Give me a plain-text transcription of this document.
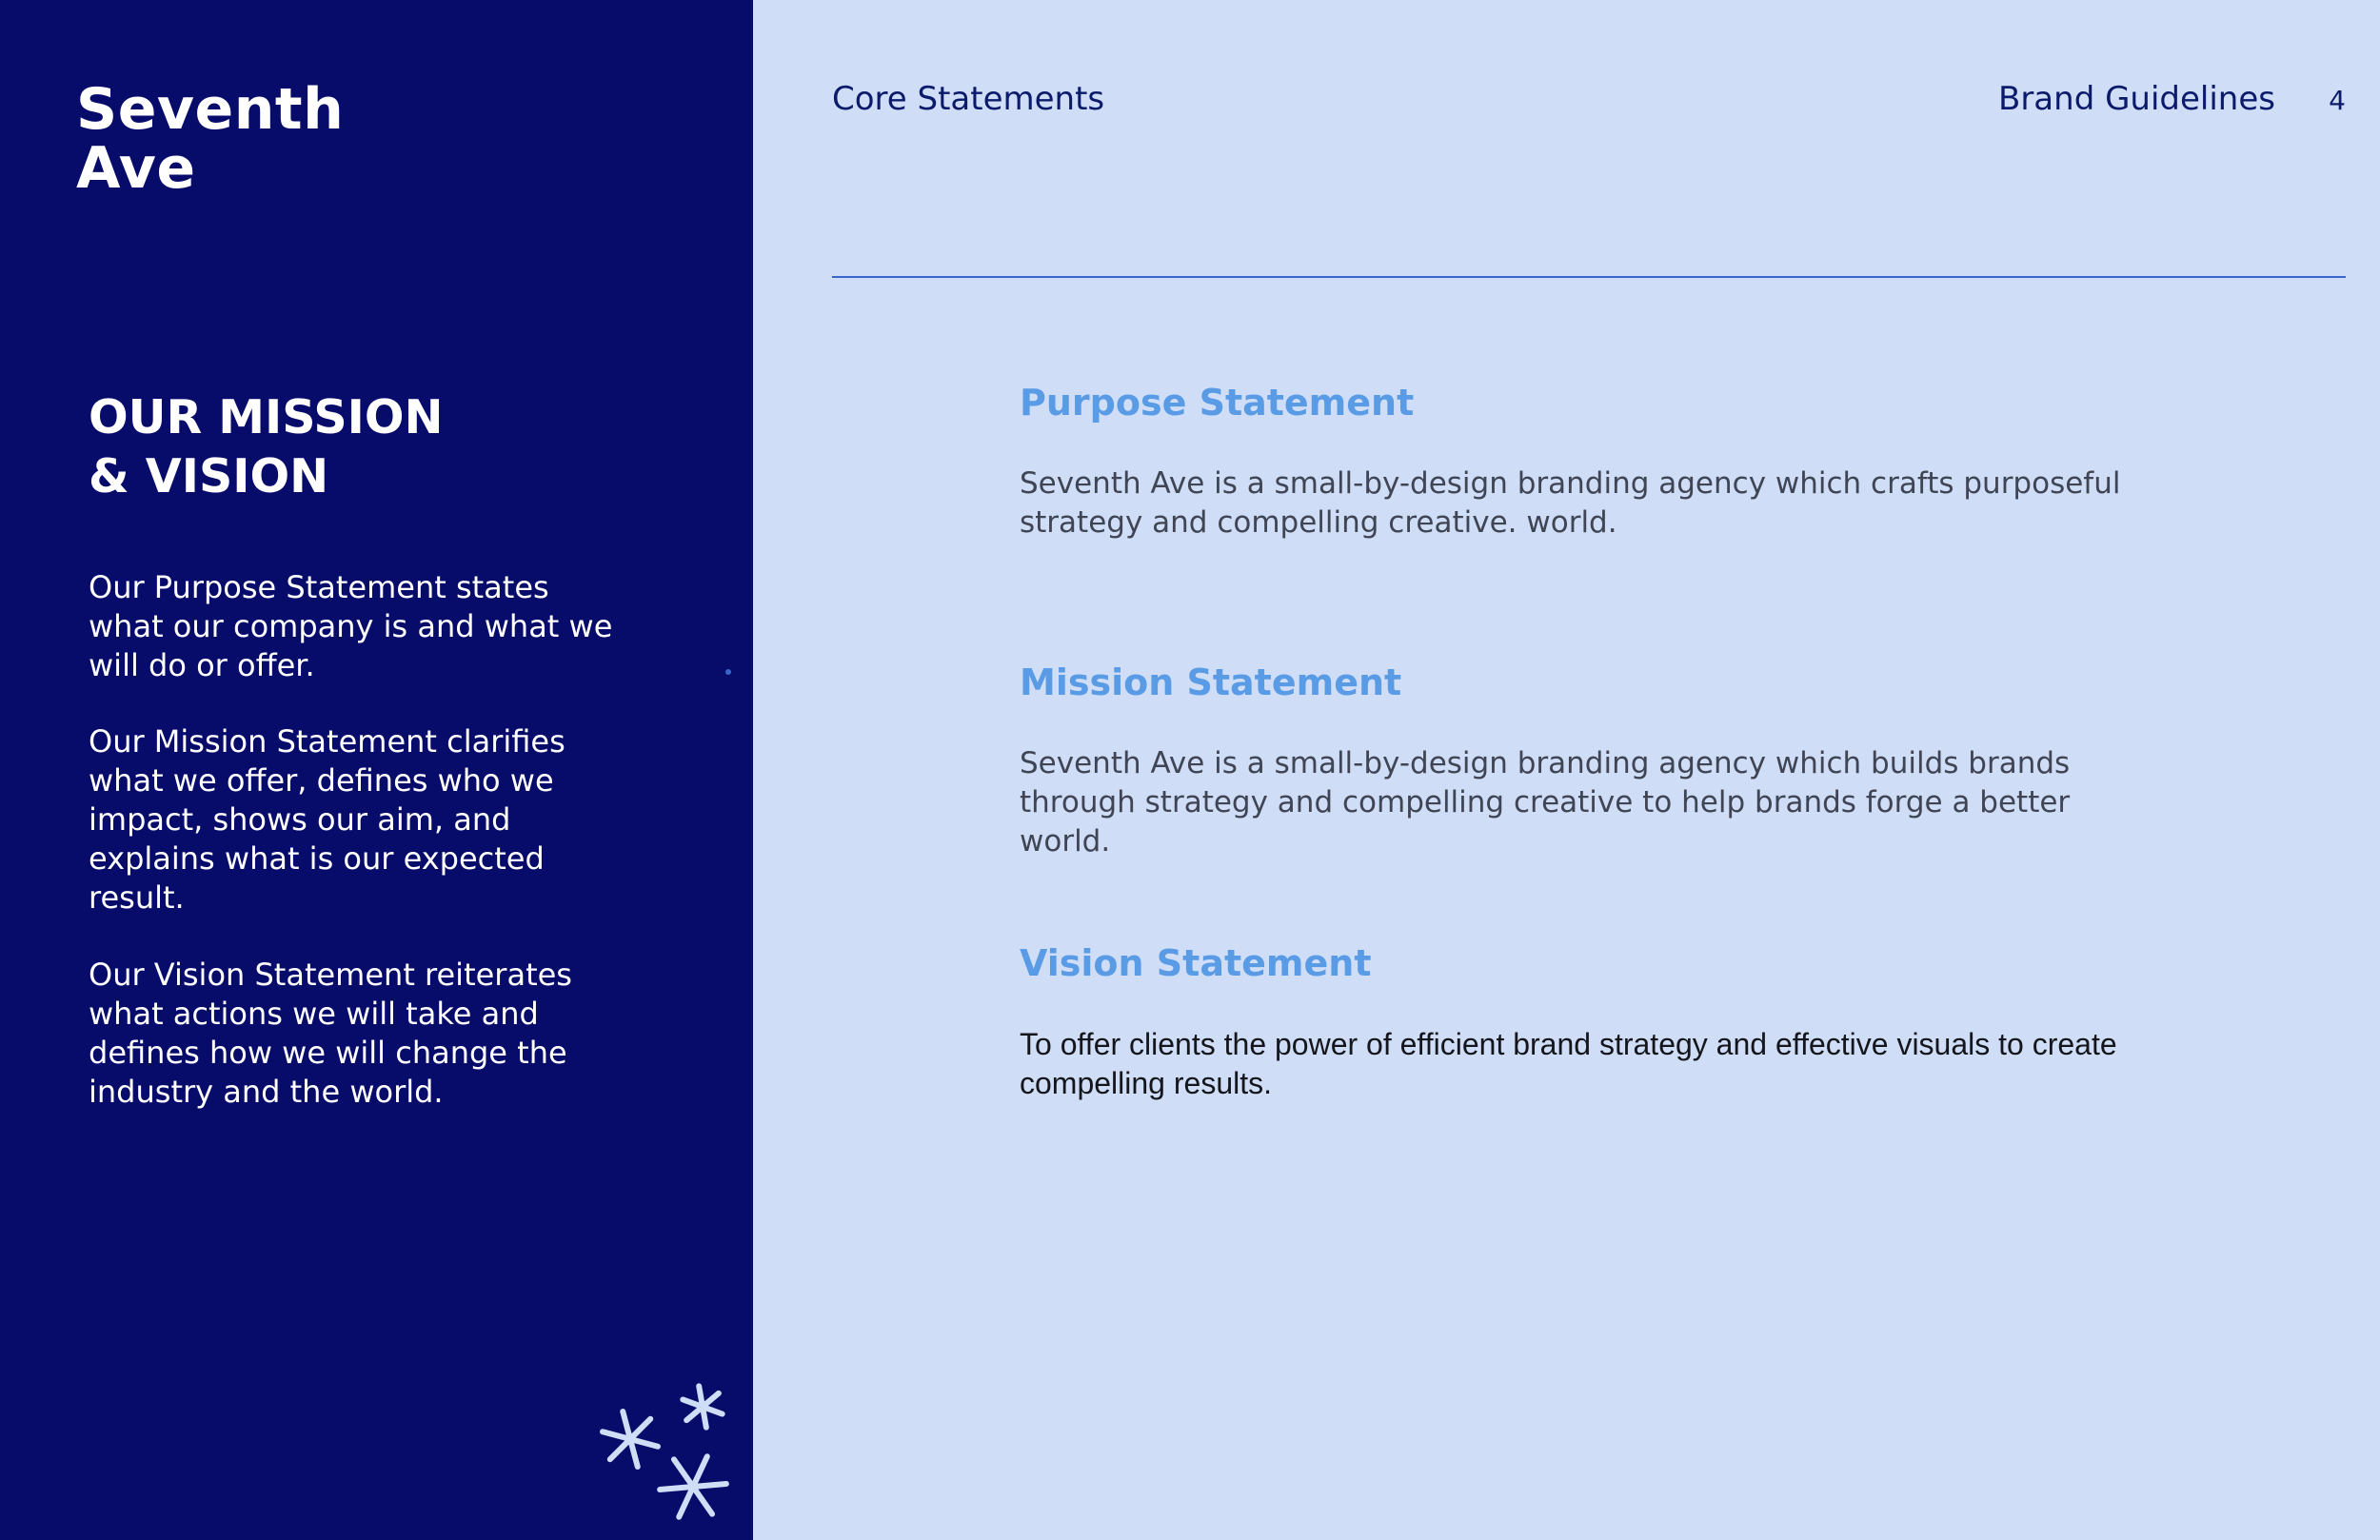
Seventh
Ave
OUR MISSION
& VISION

Our Purpose Statement states what our company is and what we will do or offer.

Our Mission Statement clarifies what we offer, defines who we impact, shows our aim, and explains what is our expected result.

Our Vision Statement reiterates what actions we will take and defines how we will change the industry and the world.

Core Statements	Brand Guidelines 4
Purpose Statement

Seventh Ave is a small-by-design branding agency which crafts purposeful strategy and compelling creative. world.

Mission Statement

Seventh Ave is a small-by-design branding agency which builds brands through strategy and compelling creative to help brands forge a better world.

Vision Statement

To offer clients the power of efficient brand strategy and effective visuals to create compelling results.
